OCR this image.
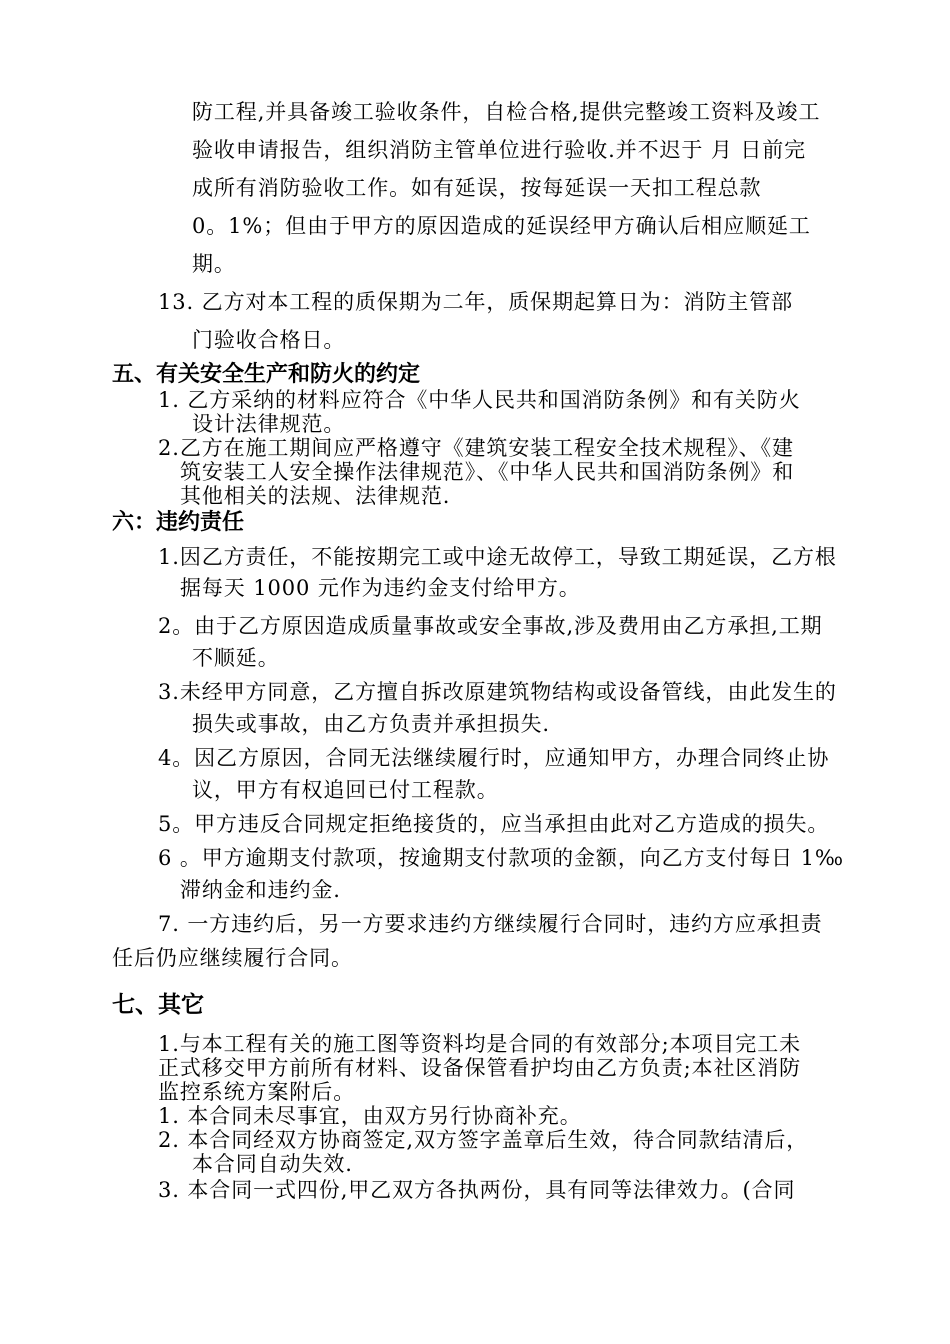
防工程,并具备竣工验收条件，自检合格,提供完整竣工资料及竣工
验收申请报告，组织消防主管单位进行验收.并不迟于 月 日前完
成所有消防验收工作。如有延误，按每延误一天扣工程总款
0。1%；但由于甲方的原因造成的延误经甲方确认后相应顺延工
期。
13. 乙方对本工程的质保期为二年，质保期起算日为：消防主管部
门验收合格日。
五、有关安全生产和防火的约定
1. 乙方采纳的材料应符合《中华人民共和国消防条例》和有关防火
设计法律规范。
2.乙方在施工期间应严格遵守《建筑安装工程安全技术规程》、《建
筑安装工人安全操作法律规范》、《中华人民共和国消防条例》和
其他相关的法规、法律规范.
六：违约责任
1.因乙方责任，不能按期完工或中途无故停工，导致工期延误，乙方根
据每天 1000 元作为违约金支付给甲方。
2。由于乙方原因造成质量事故或安全事故,涉及费用由乙方承担,工期
不顺延。
3.未经甲方同意，乙方擅自拆改原建筑物结构或设备管线，由此发生的
损失或事故，由乙方负责并承担损失.
4。因乙方原因，合同无法继续履行时，应通知甲方，办理合同终止协
议，甲方有权追回已付工程款。
5。甲方违反合同规定拒绝接货的，应当承担由此对乙方造成的损失。
6 。甲方逾期支付款项，按逾期支付款项的金额，向乙方支付每日 1‰
滞纳金和违约金.
7. 一方违约后，另一方要求违约方继续履行合同时，违约方应承担责
任后仍应继续履行合同。
七、其它
1.与本工程有关的施工图等资料均是合同的有效部分;本项目完工未
正式移交甲方前所有材料、设备保管看护均由乙方负责;本社区消防
监控系统方案附后。
1. 本合同未尽事宜，由双方另行协商补充。
2. 本合同经双方协商签定,双方签字盖章后生效，待合同款结清后，
本合同自动失效.
3. 本合同一式四份,甲乙双方各执两份，具有同等法律效力。(合同
